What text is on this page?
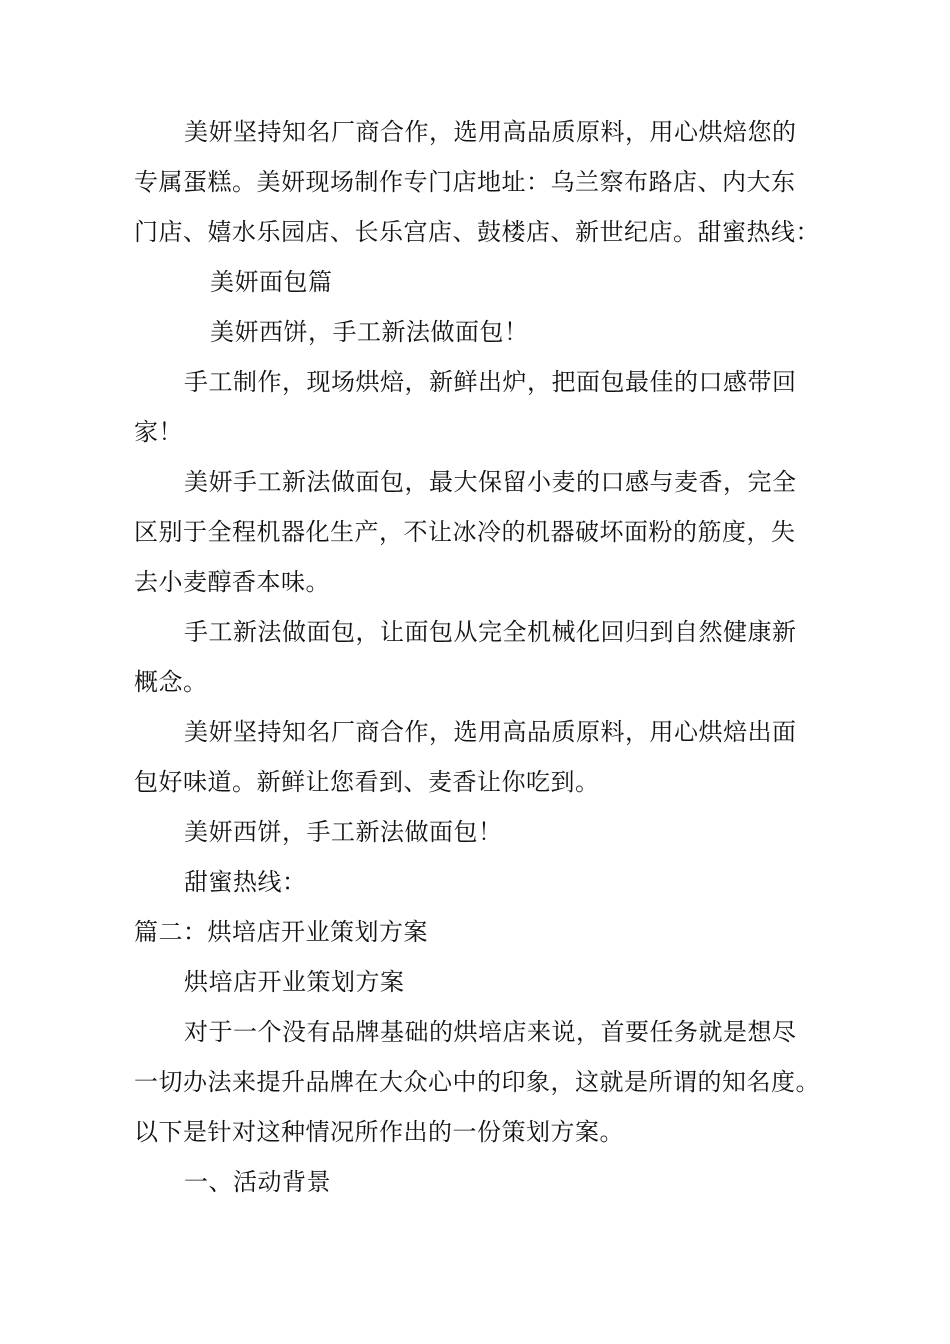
美妍坚持知名厂商合作，选用高品质原料，用心烘焙您的
专属蛋糕。美妍现场制作专门店地址：乌兰察布路店、内大东
门店、嬉水乐园店、长乐宫店、鼓楼店、新世纪店。甜蜜热线：
美妍面包篇
美妍西饼，手工新法做面包！
手工制作，现场烘焙，新鲜出炉，把面包最佳的口感带回
家！
美妍手工新法做面包，最大保留小麦的口感与麦香，完全
区别于全程机器化生产，不让冰冷的机器破坏面粉的筋度，失
去小麦醇香本味。
手工新法做面包，让面包从完全机械化回归到自然健康新
概念。
美妍坚持知名厂商合作，选用高品质原料，用心烘焙出面
包好味道。新鲜让您看到、麦香让你吃到。
美妍西饼，手工新法做面包！
甜蜜热线：
篇二：烘培店开业策划方案
烘培店开业策划方案
对于一个没有品牌基础的烘培店来说，首要任务就是想尽
一切办法来提升品牌在大众心中的印象，这就是所谓的知名度。
以下是针对这种情况所作出的一份策划方案。
一、活动背景
